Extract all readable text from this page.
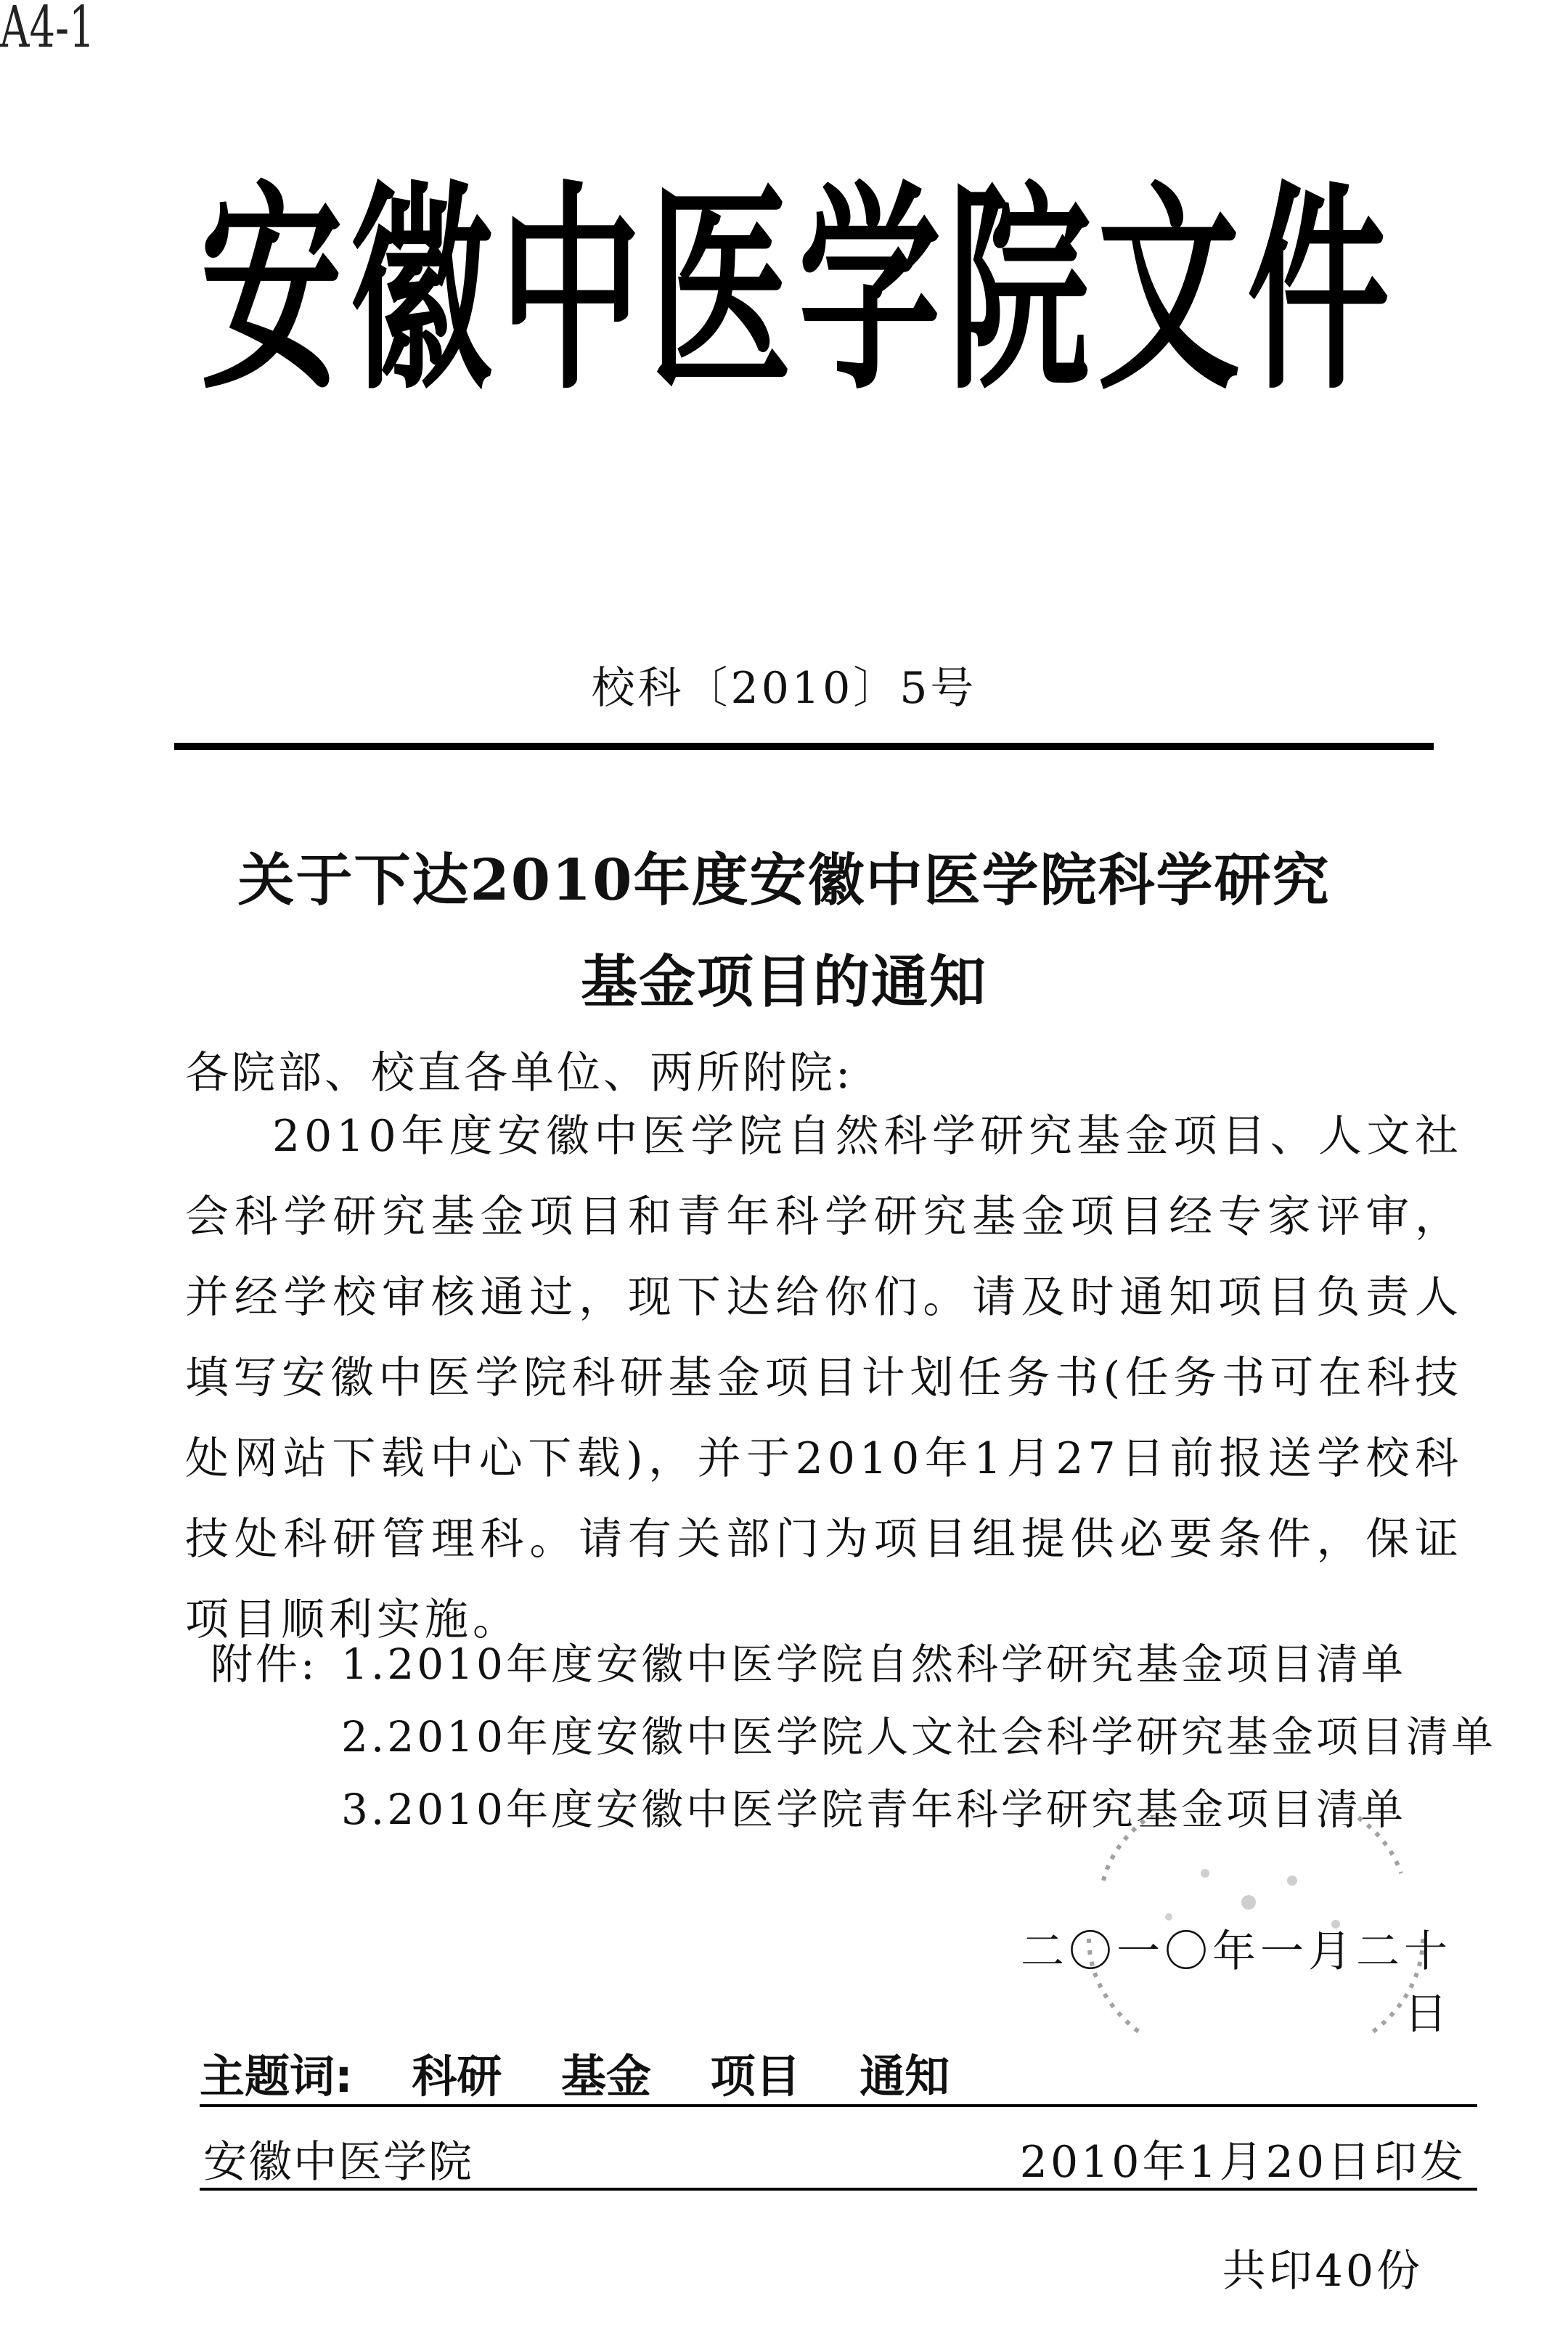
A4-1
安徽中医学院文件
校科〔2010〕5号
关于下达2010年度安徽中医学院科学研究
基金项目的通知
各院部、校直各单位、两所附院:
2010年度安徽中医学院自然科学研究基金项目、人文社会科学研究基金项目和青年科学研究基金项目经专家评审，并经学校审核通过，现下达给你们。请及时通知项目负责人填写安徽中医学院科研基金项目计划任务书(任务书可在科技处网站下载中心下载)，并于2010年1月27日前报送学校科技处科研管理科。请有关部门为项目组提供必要条件，保证项目顺利实施。
附件: 1.2010年度安徽中医学院自然科学研究基金项目清单
2.2010年度安徽中医学院人文社会科学研究基金项目清单
3.2010年度安徽中医学院青年科学研究基金项目清单
二〇一〇年一月二十日
主题词: 科研 基金 项目 通知
安徽中医学院	2010年1月20日印发
共印40份
